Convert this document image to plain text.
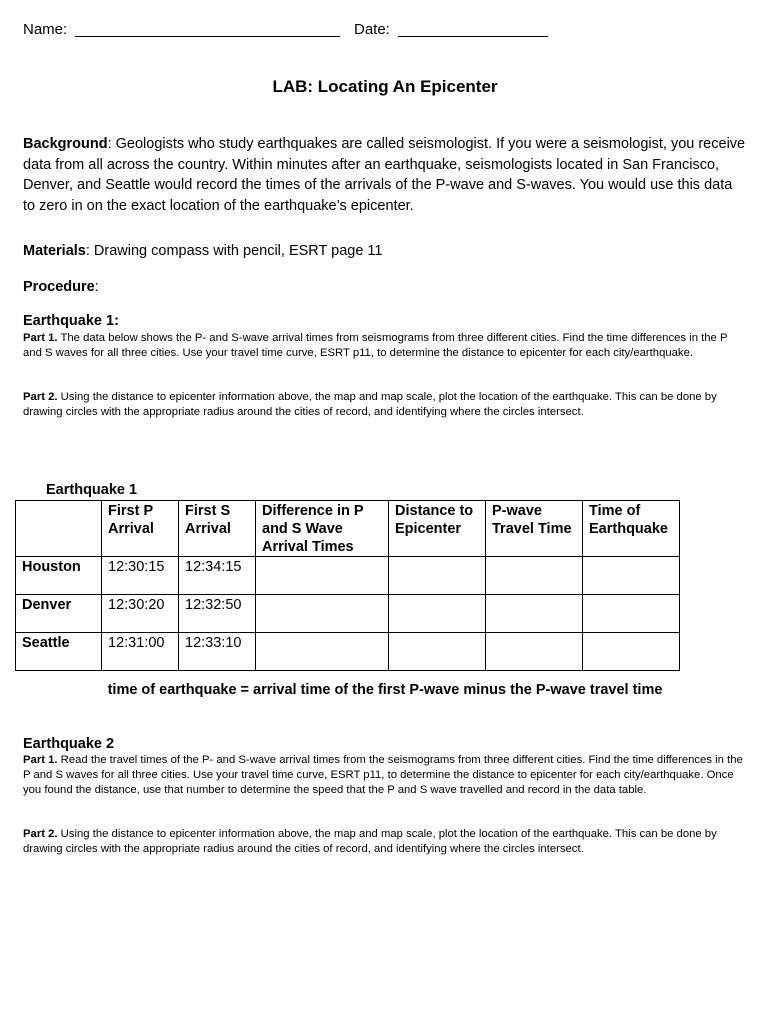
Name:	Date:
LAB: Locating An Epicenter
Background: Geologists who study earthquakes are called seismologist. If you were a seismologist, you receive data from all across the country. Within minutes after an earthquake, seismologists located in San Francisco, Denver, and Seattle would record the times of the arrivals of the P-wave and S-waves. You would use this data to zero in on the exact location of the earthquake’s epicenter.
Materials: Drawing compass with pencil, ESRT page 11
Procedure:
Earthquake 1:
Part 1. The data below shows the P- and S-wave arrival times from seismograms from three different cities. Find the time differences in the P and S waves for all three cities. Use your travel time curve, ESRT p11, to determine the distance to epicenter for each city/earthquake.
Part 2. Using the distance to epicenter information above, the map and map scale, plot the location of the earthquake. This can be done by drawing circles with the appropriate radius around the cities of record, and identifying where the circles intersect.
Earthquake 1
	First P Arrival	First S Arrival	Difference in P and S Wave Arrival Times	Distance to Epicenter	P-wave Travel Time	Time of Earthquake
Houston	12:30:15	12:34:15				
Denver	12:30:20	12:32:50				
Seattle	12:31:00	12:33:10				
time of earthquake = arrival time of the first P-wave minus the P-wave travel time
Earthquake 2
Part 1. Read the travel times of the P- and S-wave arrival times from the seismograms from three different cities. Find the time differences in the P and S waves for all three cities. Use your travel time curve, ESRT p11, to determine the distance to epicenter for each city/earthquake. Once you found the distance, use that number to determine the speed that the P and S wave travelled and record in the data table.
Part 2. Using the distance to epicenter information above, the map and map scale, plot the location of the earthquake. This can be done by drawing circles with the appropriate radius around the cities of record, and identifying where the circles intersect.
